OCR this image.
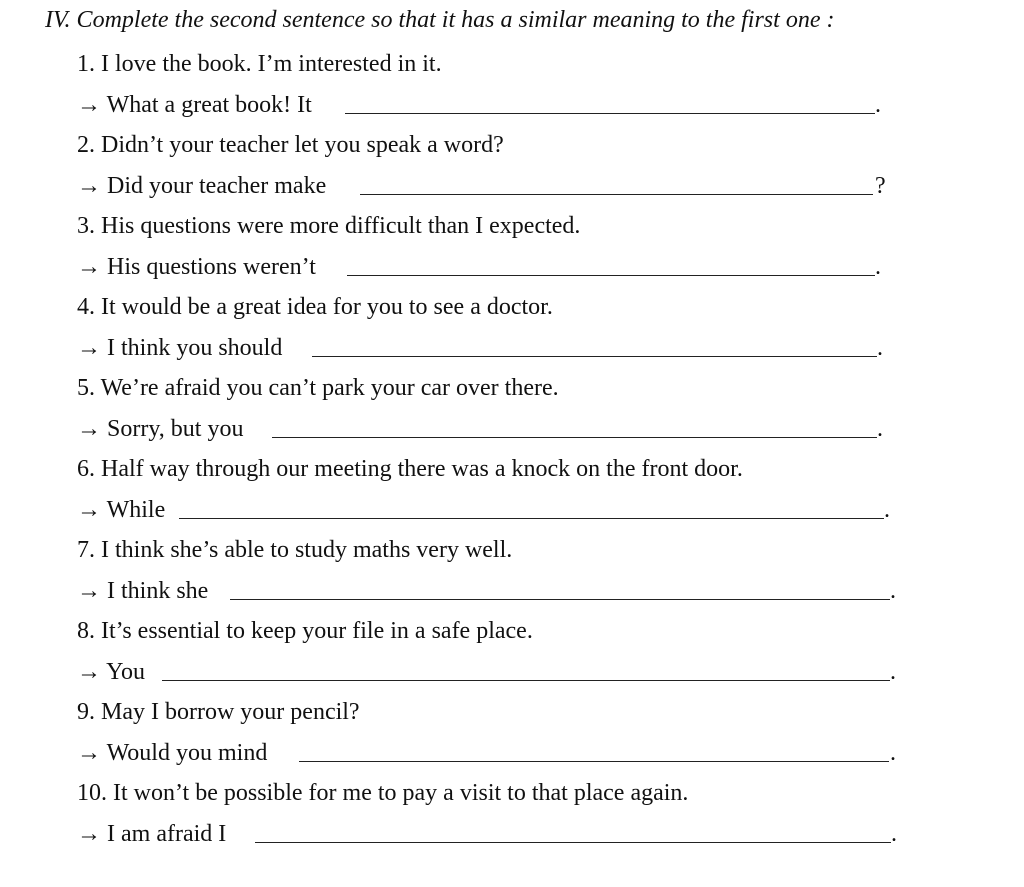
IV. Complete the second sentence so that it has a similar meaning to the first one :
1. I love the book. I’m interested in it.
→ What a great book! It	.
2. Didn’t your teacher let you speak a word?
→ Did your teacher make	?
3. His questions were more difficult than I expected.
→ His questions weren’t	.
4. It would be a great idea for you to see a doctor.
→ I think you should	.
5. We’re afraid you can’t park your car over there.
→ Sorry, but you	.
6. Half way through our meeting there was a knock on the front door.
→ While	.
7. I think she’s able to study maths very well.
→ I think she	.
8. It’s essential to keep your file in a safe place.
→ You	.
9. May I borrow your pencil?
→ Would you mind	.
10. It won’t be possible for me to pay a visit to that place again.
→ I am afraid I	.
